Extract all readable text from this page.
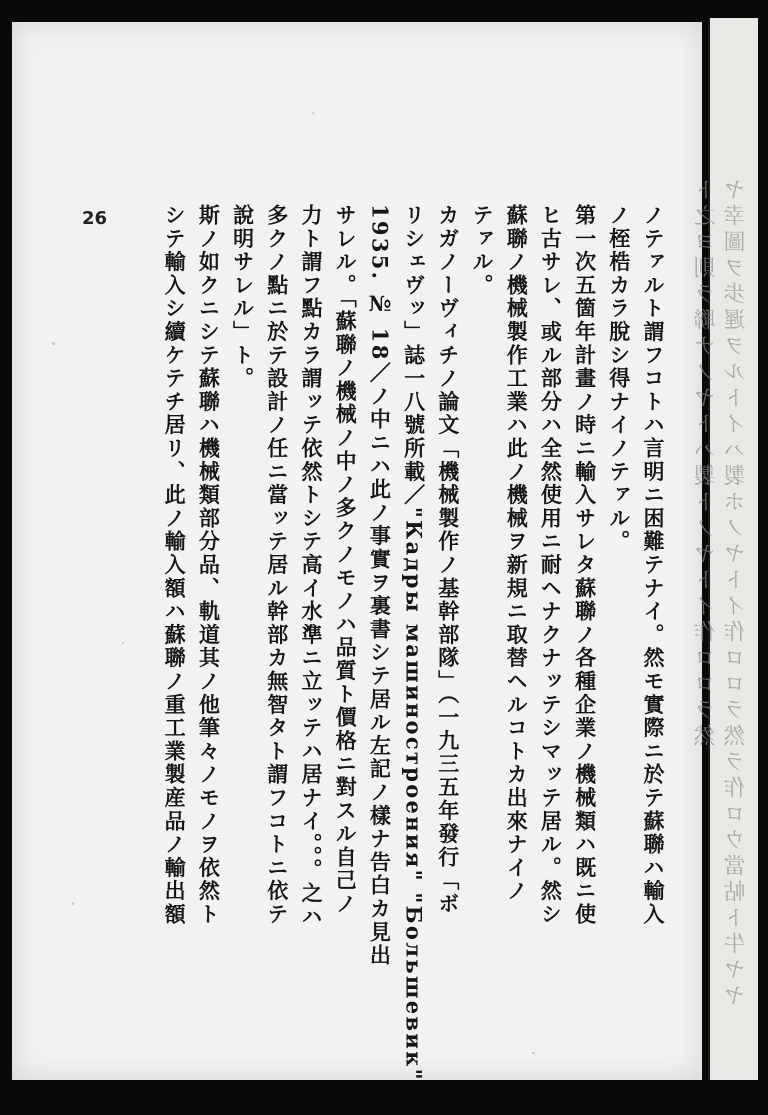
26	ノテァルト謂フコトハ言明ニ困難テナイ。然モ實際ニ於テ蘇聯ハ輸入
ノ桎梏カラ脫シ得ナイノテァル。
第一次五箇年計畫ノ時ニ輸入サレタ蘇聯ノ各種企業ノ機械類ハ既ニ使
ヒ古サレ、或ル部分ハ全然使用ニ耐ヘナクナッテシマッテ居ル。然シ
蘇聯ノ機械製作工業ハ此ノ機械ヲ新規ニ取替ヘルコトカ出來ナイノ
テァル。
カガノーヴィチノ論文「機械製作ノ基幹部隊」（一九三五年發行「ボ
リシェヴッ」誌一八號所載／"Кадры машиностроения" "Большевик"
1935. № 18／ノ中ニハ此ノ事實ヲ裏書シテ居ル左記ノ樣ナ告白カ見出
サレル。「蘇聯ノ機械ノ中ノ多クノモノハ品質ト價格ニ對スル自己ノ
力ト謂フ點カラ謂ッテ依然トシテ高イ水準ニ立ッテハ居ナイ。。。之ハ
多クノ點ニ於テ設計ノ任ニ當ッテ居ル幹部カ無智タト謂フコトニ依テ
說明サレル」ト。
斯ノ如クニシテ蘇聯ハ機械類部分品、軌道其ノ他筆々ノモノヲ依然ト
シテ輸入シ續ケテチ居リ、此ノ輸入額ハ蘇聯ノ重工業製産品ノ輸出額	ヤ幸圖ヲ歩遲ヲルトイハ製ホノヤトイ作ロロラ然ラ作ロウ當帖ト牛ヤヤ
ト之ヨ則ラ聯ナノヤトハ製トノヤトイ作ロロラ然
